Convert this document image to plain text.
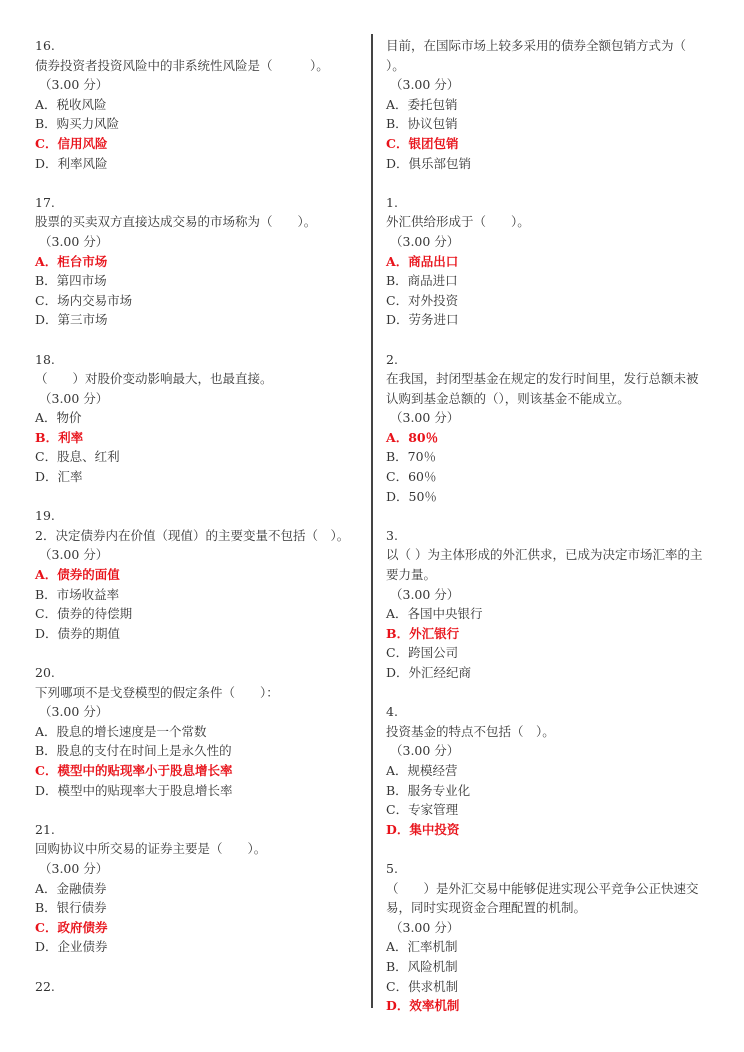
16.
债券投资者投资风险中的非系统性风险是（　　　）。
（3.00 分）
A．税收风险
B．购买力风险
C．信用风险
D．利率风险
17.
股票的买卖双方直接达成交易的市场称为（　　）。
（3.00 分）
A．柜台市场
B．第四市场
C．场内交易市场
D．第三市场
18.
（　　）对股价变动影响最大，也最直接。
（3.00 分）
A．物价
B．利率
C．股息、红利
D．汇率
19.
2．决定债券内在价值（现值）的主要变量不包括（　）。
（3.00 分）
A．债券的面值
B．市场收益率
C．债券的待偿期
D．债券的期值
20.
下列哪项不是戈登模型的假定条件（　　）：
（3.00 分）
A．股息的增长速度是一个常数
B．股息的支付在时间上是永久性的
C．模型中的贴现率小于股息增长率
D．模型中的贴现率大于股息增长率
21.
回购协议中所交易的证券主要是（　　）。
（3.00 分）
A．金融债券
B．银行债券
C．政府债券
D．企业债券
22.
目前，在国际市场上较多采用的债券全额包销方式为（
）。
（3.00 分）
A．委托包销
B．协议包销
C．银团包销
D．俱乐部包销
1.
外汇供给形成于（　　）。
（3.00 分）
A．商品出口
B．商品进口
C．对外投资
D．劳务进口
2.
在我国，封闭型基金在规定的发行时间里，发行总额未被认购到基金总额的（），则该基金不能成立。
（3.00 分）
A．80％
B．70％
C．60％
D．50％
3.
以（ ）为主体形成的外汇供求，已成为决定市场汇率的主要力量。
（3.00 分）
A．各国中央银行
B．外汇银行
C．跨国公司
D．外汇经纪商
4.
投资基金的特点不包括（　）。
（3.00 分）
A．规模经营
B．服务专业化
C．专家管理
D．集中投资
5.
（　　）是外汇交易中能够促进实现公平竞争公正快速交易，同时实现资金合理配置的机制。
（3.00 分）
A．汇率机制
B．风险机制
C．供求机制
D．效率机制
